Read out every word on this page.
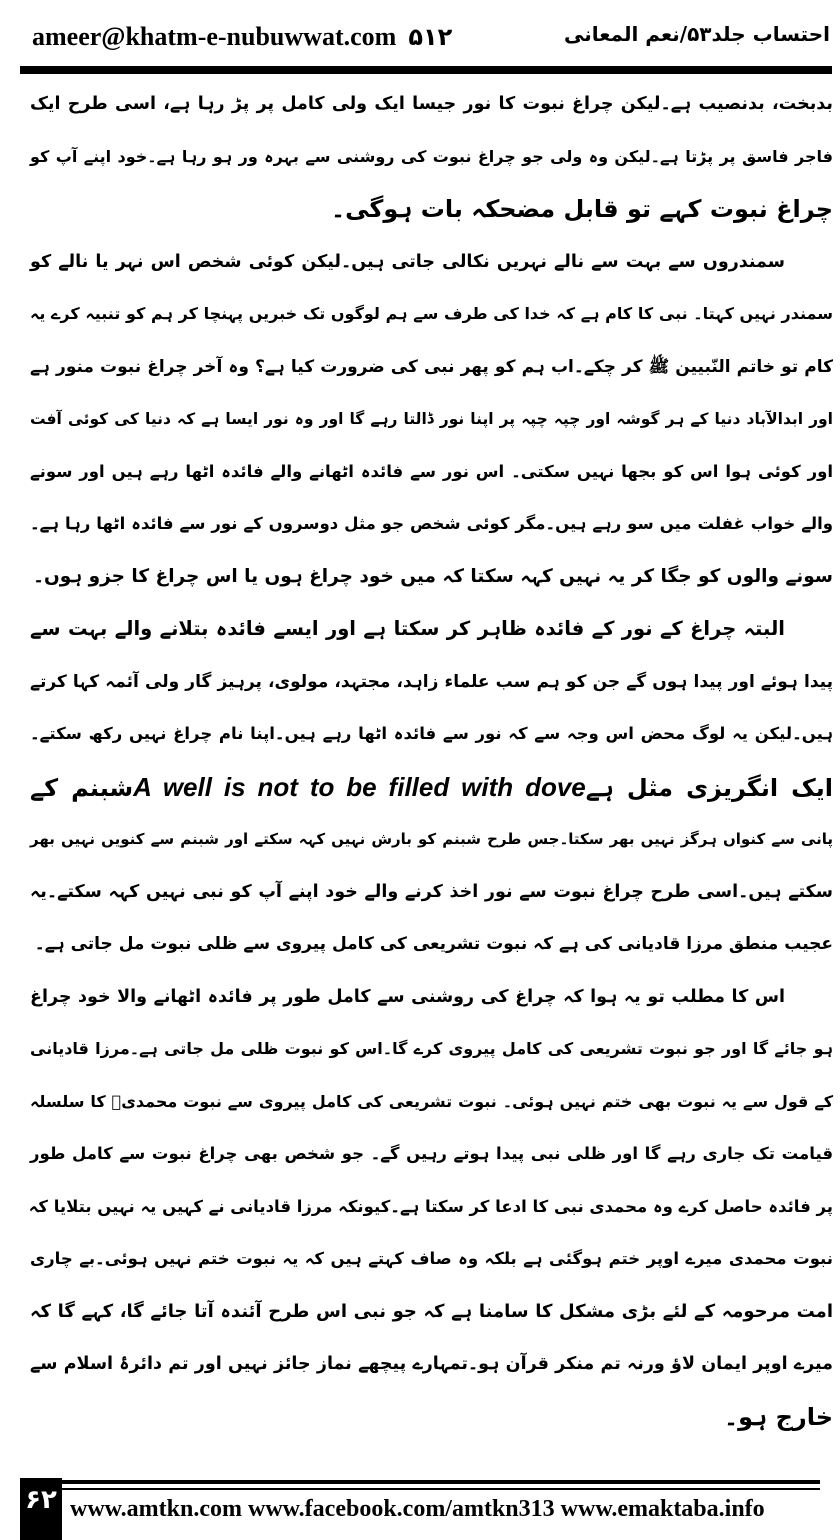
ameer@khatm-e-nubuwwat.com ۵۱۲	احتساب جلد۵۳/نعم المعانی
بدبخت، بدنصیب ہے۔لیکن چراغ نبوت کا نور جیسا ایک ولی کامل پر پڑ رہا ہے، اسی طرح ایک
فاجر فاسق پر پڑتا ہے۔لیکن وہ ولی جو چراغ نبوت کی روشنی سے بہرہ ور ہو رہا ہے۔خود اپنے آپ کو
چراغ نبوت کہے تو قابل مضحکہ بات ہوگی۔
سمندروں سے بہت سے نالے نہریں نکالی جاتی ہیں۔لیکن کوئی شخص اس نہر یا نالے کو
سمندر نہیں کہتا۔ نبی کا کام ہے کہ خدا کی طرف سے ہم لوگوں تک خبریں پہنچا کر ہم کو تنبیہ کرے یہ
کام تو خاتم النّبیین ﷺ کر چکے۔اب ہم کو پھر نبی کی ضرورت کیا ہے؟ وہ آخر چراغ نبوت منور ہے
اور ابدالآباد دنیا کے ہر گوشہ اور چپہ چپہ پر اپنا نور ڈالتا رہے گا اور وہ نور ایسا ہے کہ دنیا کی کوئی آفت
اور کوئی ہوا اس کو بجھا نہیں سکتی۔ اس نور سے فائدہ اٹھانے والے فائدہ اٹھا رہے ہیں اور سونے
والے خواب غفلت میں سو رہے ہیں۔مگر کوئی شخص جو مثل دوسروں کے نور سے فائدہ اٹھا رہا ہے۔
سونے والوں کو جگا کر یہ نہیں کہہ سکتا کہ میں خود چراغ ہوں یا اس چراغ کا جزو ہوں۔
البتہ چراغ کے نور کے فائدہ ظاہر کر سکتا ہے اور ایسے فائدہ بتلانے والے بہت سے
پیدا ہوئے اور پیدا ہوں گے جن کو ہم سب علماء زاہد، مجتہد، مولوی، پرہیز گار ولی آئمہ کہا کرتے
ہیں۔لیکن یہ لوگ محض اس وجہ سے کہ نور سے فائدہ اٹھا رہے ہیں۔اپنا نام چراغ نہیں رکھ سکتے۔
ایک انگریزی مثل ہےA well is not to be filled with doveشبنم کے
پانی سے کنواں ہرگز نہیں بھر سکتا۔جس طرح شبنم کو بارش نہیں کہہ سکتے اور شبنم سے کنویں نہیں بھر
سکتے ہیں۔اسی طرح چراغ نبوت سے نور اخذ کرنے والے خود اپنے آپ کو نبی نہیں کہہ سکتے۔یہ
عجیب منطق مرزا قادیانی کی ہے کہ نبوت تشریعی کی کامل پیروی سے ظلی نبوت مل جاتی ہے۔
اس کا مطلب تو یہ ہوا کہ چراغ کی روشنی سے کامل طور پر فائدہ اٹھانے والا خود چراغ
ہو جائے گا اور جو نبوت تشریعی کی کامل پیروی کرے گا۔اس کو نبوت ظلی مل جاتی ہے۔مرزا قادیانی
کے قول سے یہ نبوت بھی ختم نہیں ہوئی۔ نبوت تشریعی کی کامل پیروی سے نبوت محمدیؐ کا سلسلہ
قیامت تک جاری رہے گا اور ظلی نبی پیدا ہوتے رہیں گے۔ جو شخص بھی چراغ نبوت سے کامل طور
پر فائدہ حاصل کرے وہ محمدی نبی کا ادعا کر سکتا ہے۔کیونکہ مرزا قادیانی نے کہیں یہ نہیں بتلایا کہ
نبوت محمدی میرے اوپر ختم ہوگئی ہے بلکہ وہ صاف کہتے ہیں کہ یہ نبوت ختم نہیں ہوئی۔بے چاری
امت مرحومہ کے لئے بڑی مشکل کا سامنا ہے کہ جو نبی اس طرح آئندہ آتا جائے گا، کہے گا کہ
میرے اوپر ایمان لاؤ ورنہ تم منکر قرآن ہو۔تمہارے پیچھے نماز جائز نہیں اور تم دائرۂ اسلام سے
خارج ہو۔
۶۲ www.amtkn.com www.facebook.com/amtkn313 www.emaktaba.info
